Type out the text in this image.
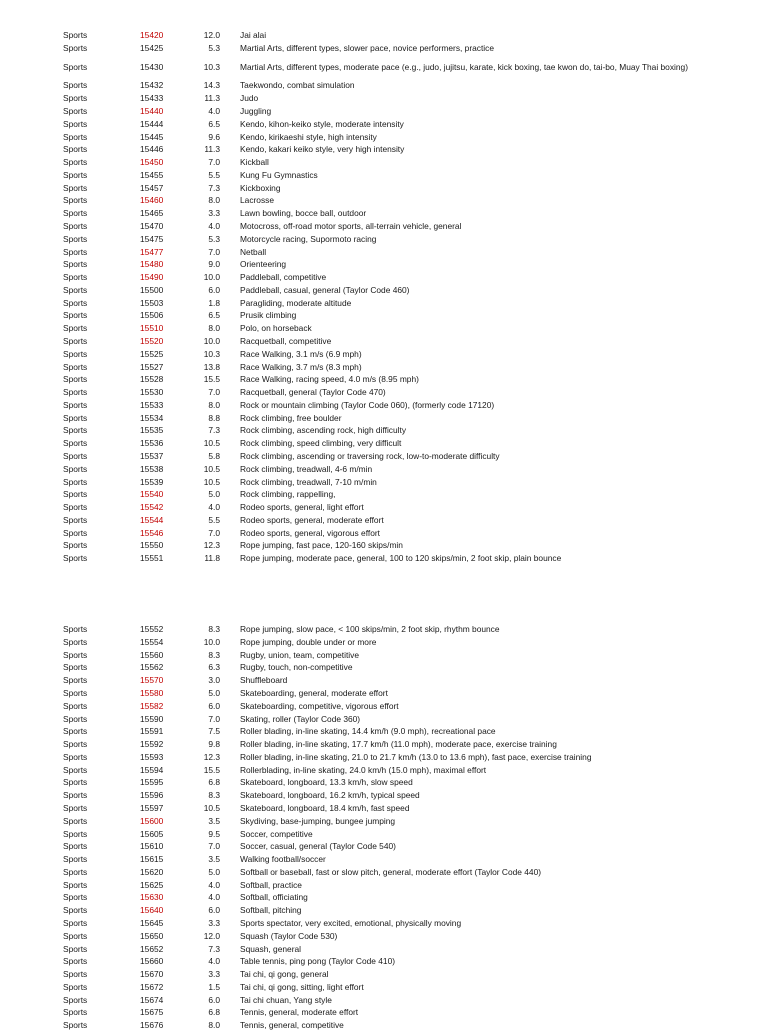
Sports	15420	12.0 Jai alai
Sports	15425	5.3 Martial Arts, different types, slower pace, novice performers, practice
Sports	15430	10.3 Martial Arts, different types, moderate pace (e.g., judo, jujitsu, karate, kick boxing, tae kwon do, tai-bo, Muay Thai boxing)
Sports	15432	14.3 Taekwondo, combat simulation
Sports	15433	11.3 Judo
Sports	15440	4.0 Juggling
Sports	15444	6.5 Kendo, kihon-keiko style, moderate intensity
Sports	15445	9.6 Kendo, kirikaeshi style, high intensity
Sports	15446	11.3 Kendo, kakari keiko style, very high intensity
Sports	15450	7.0 Kickball
Sports	15455	5.5 Kung Fu Gymnastics
Sports	15457	7.3 Kickboxing
Sports	15460	8.0 Lacrosse
Sports	15465	3.3 Lawn bowling, bocce ball, outdoor
Sports	15470	4.0 Motocross, off-road motor sports, all-terrain vehicle, general
Sports	15475	5.3 Motorcycle racing, Supormoto racing
Sports	15477	7.0 Netball
Sports	15480	9.0 Orienteering
Sports	15490	10.0 Paddleball, competitive
Sports	15500	6.0 Paddleball, casual, general (Taylor Code 460)
Sports	15503	1.8 Paragliding, moderate altitude
Sports	15506	6.5 Prusik climbing
Sports	15510	8.0 Polo, on horseback
Sports	15520	10.0 Racquetball, competitive
Sports	15525	10.3 Race Walking, 3.1 m/s (6.9 mph)
Sports	15527	13.8 Race Walking, 3.7 m/s (8.3 mph)
Sports	15528	15.5 Race Walking, racing speed, 4.0 m/s (8.95 mph)
Sports	15530	7.0 Racquetball, general (Taylor Code 470)
Sports	15533	8.0 Rock or mountain climbing (Taylor Code 060), (formerly code 17120)
Sports	15534	8.8 Rock climbing, free boulder
Sports	15535	7.3 Rock climbing, ascending rock, high difficulty
Sports	15536	10.5 Rock climbing, speed climbing, very difficult
Sports	15537	5.8 Rock climbing, ascending or traversing rock, low-to-moderate difficulty
Sports	15538	10.5 Rock climbing, treadwall, 4-6 m/min
Sports	15539	10.5 Rock climbing, treadwall, 7-10 m/min
Sports	15540	5.0 Rock climbing, rappelling,
Sports	15542	4.0 Rodeo sports, general, light effort
Sports	15544	5.5 Rodeo sports, general, moderate effort
Sports	15546	7.0 Rodeo sports, general, vigorous effort
Sports	15550	12.3 Rope jumping, fast pace, 120-160 skips/min
Sports	15551	11.8 Rope jumping, moderate pace, general, 100 to 120 skips/min, 2 foot skip, plain bounce
Sports	15552	8.3 Rope jumping, slow pace, < 100 skips/min, 2 foot skip, rhythm bounce
Sports	15554	10.0 Rope jumping, double under or more
Sports	15560	8.3 Rugby, union, team, competitive
Sports	15562	6.3 Rugby, touch, non-competitive
Sports	15570	3.0 Shuffleboard
Sports	15580	5.0 Skateboarding, general, moderate effort
Sports	15582	6.0 Skateboarding, competitive, vigorous effort
Sports	15590	7.0 Skating, roller (Taylor Code 360)
Sports	15591	7.5 Roller blading, in-line skating, 14.4 km/h (9.0 mph), recreational pace
Sports	15592	9.8 Roller blading, in-line skating, 17.7 km/h (11.0 mph), moderate pace, exercise training
Sports	15593	12.3 Roller blading, in-line skating, 21.0 to 21.7 km/h (13.0 to 13.6 mph), fast pace, exercise training
Sports	15594	15.5 Rollerblading, in-line skating, 24.0 km/h (15.0 mph), maximal effort
Sports	15595	6.8 Skateboard, longboard, 13.3 km/h, slow speed
Sports	15596	8.3 Skateboard, longboard, 16.2 km/h, typical speed
Sports	15597	10.5 Skateboard, longboard, 18.4 km/h, fast speed
Sports	15600	3.5 Skydiving, base-jumping, bungee jumping
Sports	15605	9.5 Soccer, competitive
Sports	15610	7.0 Soccer, casual, general (Taylor Code 540)
Sports	15615	3.5 Walking football/soccer
Sports	15620	5.0 Softball or baseball, fast or slow pitch, general, moderate effort (Taylor Code 440)
Sports	15625	4.0 Softball, practice
Sports	15630	4.0 Softball, officiating
Sports	15640	6.0 Softball, pitching
Sports	15645	3.3 Sports spectator, very excited, emotional, physically moving
Sports	15650	12.0 Squash (Taylor Code 530)
Sports	15652	7.3 Squash, general
Sports	15660	4.0 Table tennis, ping pong (Taylor Code 410)
Sports	15670	3.3 Tai chi, qi gong, general
Sports	15672	1.5 Tai chi, qi gong, sitting, light effort
Sports	15674	6.0 Tai chi chuan, Yang style
Sports	15675	6.8 Tennis, general, moderate effort
Sports	15676	8.0 Tennis, general, competitive
